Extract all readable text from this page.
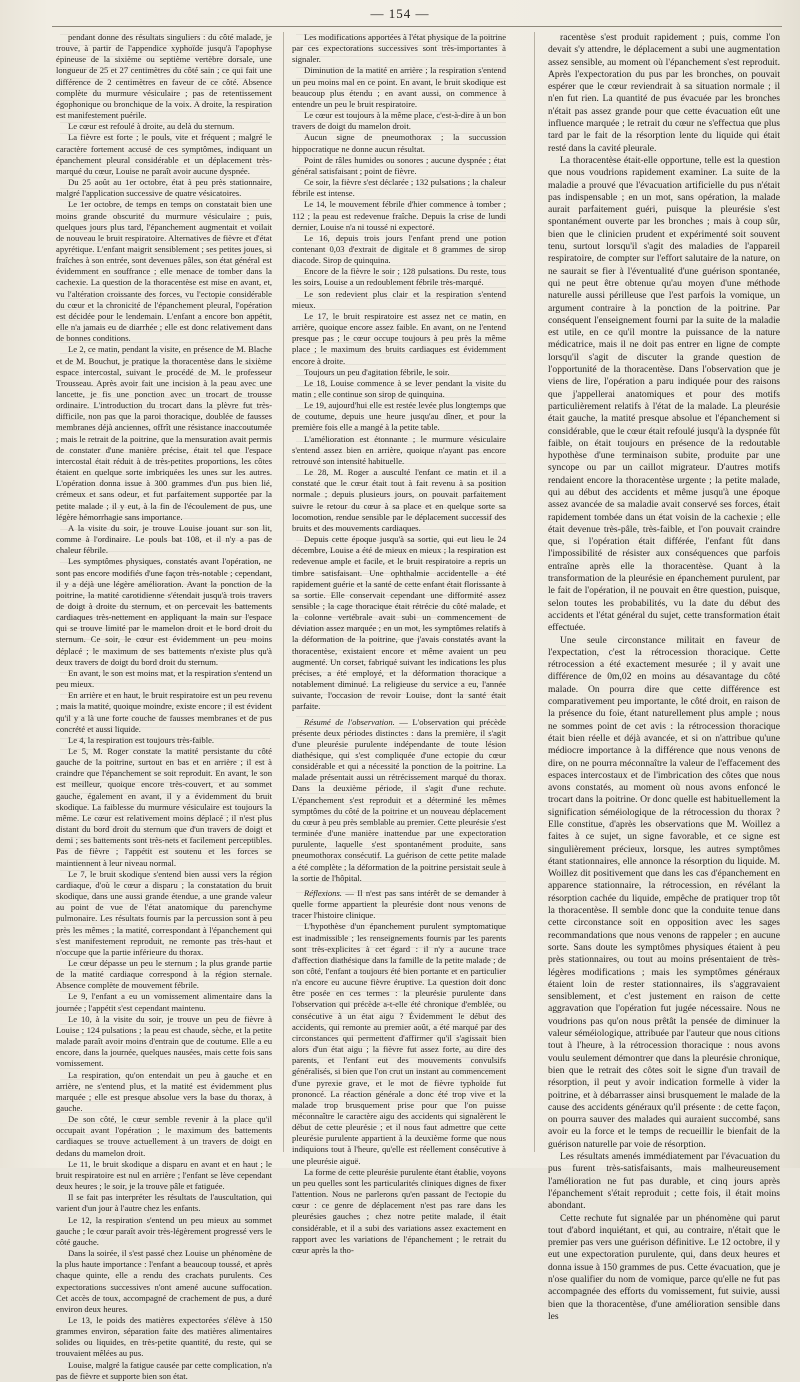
— 154 —

pendant donne des résultats singuliers : du côté malade, je trouve, à partir de l'appendice xyphoïde jusqu'à l'apophyse épineuse de la sixième ou septième vertèbre dorsale, une longueur de 25 et 27 centimètres du côté sain ; ce qui fait une différence de 2 centimètres en faveur de ce côté. Absence complète du murmure vésiculaire ; pas de retentissement égophonique ou bronchique de la voix. A droite, la respiration est manifestement puérile.

Le cœur est refoulé à droite, au delà du sternum.

La fièvre est forte ; le pouls, vite et fréquent ; malgré le caractère fortement accusé de ces symptômes, indiquant un épanchement pleural considérable et un déplacement très-marqué du cœur, Louise ne paraît avoir aucune dyspnée.

Du 25 août au 1er octobre, état à peu près stationnaire, malgré l'application successive de quatre vésicatoires.

Le 1er octobre, de temps en temps on constatait bien une moins grande obscurité du murmure vésiculaire ; puis, quelques jours plus tard, l'épanchement augmentait et voilait de nouveau le bruit respiratoire. Alternatives de fièvre et d'état apyrétique. L'enfant maigrit sensiblement ; ses petites joues, si fraîches à son entrée, sont devenues pâles, son état général est évidemment en souffrance ; elle menace de tomber dans la cachexie. La question de la thoracentèse est mise en avant, et, vu l'altération croissante des forces, vu l'ectopie considérable du cœur et la chronicité de l'épanchement pleural, l'opération est décidée pour le lendemain. L'enfant a encore bon appétit, elle n'a jamais eu de diarrhée ; elle est donc relativement dans de bonnes conditions.

Le 2, ce matin, pendant la visite, en présence de M. Blache et de M. Bouchut, je pratique la thoracentèse dans le sixième espace intercostal, suivant le procédé de M. le professeur Trousseau. Après avoir fait une incision à la peau avec une lancette, je fis une ponction avec un trocart de trousse ordinaire. L'introduction du trocart dans la plèvre fut très-difficile, non pas que la paroi thoracique, doublée de fausses membranes déjà anciennes, offrît une résistance inaccoutumée ; mais le retrait de la poitrine, que la mensuration avait permis de constater d'une manière précise, était tel que l'espace intercostal était réduit à de très-petites proportions, les côtes étaient en quelque sorte imbriquées les unes sur les autres. L'opération donna issue à 300 grammes d'un pus bien lié, crémeux et sans odeur, et fut parfaitement supportée par la petite malade ; il y eut, à la fin de l'écoulement de pus, une légère hémorrhagie sans importance.

A la visite du soir, je trouve Louise jouant sur son lit, comme à l'ordinaire. Le pouls bat 108, et il n'y a pas de chaleur fébrile.

Les symptômes physiques, constatés avant l'opération, ne sont pas encore modifiés d'une façon très-notable ; cependant, il y a déjà une légère amélioration. Avant la ponction de la poitrine, la matité carotidienne s'étendait jusqu'à trois travers de doigt à droite du sternum, et on percevait les battements cardiaques très-nettement en appliquant la main sur l'espace qui se trouve limité par le mamelon droit et le bord droit du sternum. Ce soir, le cœur est évidemment un peu moins déplacé ; le maximum de ses battements n'existe plus qu'à deux travers de doigt du bord droit du sternum.

En avant, le son est moins mat, et la respiration s'entend un peu mieux.

En arrière et en haut, le bruit respiratoire est un peu revenu ; mais la matité, quoique moindre, existe encore ; il est évident qu'il y a là une forte couche de fausses membranes et de pus concrété et aussi liquide.

Le 4, la respiration est toujours très-faible.

Le 5, M. Roger constate la matité persistante du côté gauche de la poitrine, surtout en bas et en arrière ; il est à craindre que l'épanchement se soit reproduit. En avant, le son est meilleur, quoique encore très-couvert, et au sommet gauche, également en avant, il y a évidemment du bruit skodique. La faiblesse du murmure vésiculaire est toujours la même. Le cœur est relativement moins déplacé ; il n'est plus distant du bord droit du sternum que d'un travers de doigt et demi ; ses battements sont très-nets et facilement perceptibles. Pas de fièvre ; l'appétit est soutenu et les forces se maintiennent à leur niveau normal.

Le 7, le bruit skodique s'entend bien aussi vers la région cardiaque, d'où le cœur a disparu ; la constatation du bruit skodique, dans une aussi grande étendue, a une grande valeur au point de vue de l'état anatomique du parenchyme pulmonaire. Les résultats fournis par la percussion sont à peu près les mêmes ; la matité, correspondant à l'épanchement qui s'est manifestement reproduit, ne remonte pas très-haut et n'occupe que la partie inférieure du thorax.

Le cœur dépasse un peu le sternum ; la plus grande partie de la matité cardiaque correspond à la région sternale. Absence complète de mouvement fébrile.

Le 9, l'enfant a eu un vomissement alimentaire dans la journée ; l'appétit s'est cependant maintenu.

Le 10, à la visite du soir, je trouve un peu de fièvre à Louise ; 124 pulsations ; la peau est chaude, sèche, et la petite malade paraît avoir moins d'entrain que de coutume. Elle a eu encore, dans la journée, quelques nausées, mais cette fois sans vomissement.

La respiration, qu'on entendait un peu à gauche et en arrière, ne s'entend plus, et la matité est évidemment plus marquée ; elle est presque absolue vers la base du thorax, à gauche.

De son côté, le cœur semble revenir à la place qu'il occupait avant l'opération ; le maximum des battements cardiaques se trouve actuellement à un travers de doigt en dedans du mamelon droit.

Le 11, le bruit skodique a disparu en avant et en haut ; le bruit respiratoire est nul en arrière ; l'enfant se lève cependant deux heures ; le soir, je la trouve pâle et fatiguée.

Il se fait pas interpréter les résultats de l'auscultation, qui varient d'un jour à l'autre chez les enfants.

Le 12, la respiration s'entend un peu mieux au sommet gauche ; le cœur paraît avoir très-légèrement progressé vers le côté gauche.

Dans la soirée, il s'est passé chez Louise un phénomène de la plus haute importance : l'enfant a beaucoup toussé, et après chaque quinte, elle a rendu des crachats purulents. Ces expectorations successives n'ont amené aucune suffocation. Cet accès de toux, accompagné de crachement de pus, a duré environ deux heures.

Le 13, le poids des matières expectorées s'élève à 150 grammes environ, séparation faite des matières alimentaires solides ou liquides, en très-petite quantité, du reste, qui se trouvaient mêlées au pus.

Louise, malgré la fatigue causée par cette complication, n'a pas de fièvre et supporte bien son état.

Les modifications apportées à l'état physique de la poitrine par ces expectorations successives sont très-importantes à signaler.

Diminution de la matité en arrière ; la respiration s'entend un peu moins mal en ce point. En avant, le bruit skodique est beaucoup plus étendu ; en avant aussi, on commence à entendre un peu le bruit respiratoire.

Le cœur est toujours à la même place, c'est-à-dire à un bon travers de doigt du mamelon droit.

Aucun signe de pneumothorax ; la succussion hippocratique ne donne aucun résultat.

Point de râles humides ou sonores ; aucune dyspnée ; état général satisfaisant ; point de fièvre.

Ce soir, la fièvre s'est déclarée ; 132 pulsations ; la chaleur fébrile est intense.

Le 14, le mouvement fébrile d'hier commence à tomber ; 112 ; la peau est redevenue fraîche. Depuis la crise de lundi dernier, Louise n'a ni toussé ni expectoré.

Le 16, depuis trois jours l'enfant prend une potion contenant 0,03 d'extrait de digitale et 8 grammes de sirop diacode. Sirop de quinquina.

Encore de la fièvre le soir ; 128 pulsations. Du reste, tous les soirs, Louise a un redoublement fébrile très-marqué.

Le son redevient plus clair et la respiration s'entend mieux.

Le 17, le bruit respiratoire est assez net ce matin, en arrière, quoique encore assez faible. En avant, on ne l'entend presque pas ; le cœur occupe toujours à peu près la même place ; le maximum des bruits cardiaques est évidemment encore à droite.

Toujours un peu d'agitation fébrile, le soir.

Le 18, Louise commence à se lever pendant la visite du matin ; elle continue son sirop de quinquina.

Le 19, aujourd'hui elle est restée levée plus longtemps que de coutume, depuis une heure jusqu'au dîner, et pour la première fois elle a mangé à la petite table.

L'amélioration est étonnante ; le murmure vésiculaire s'entend assez bien en arrière, quoique n'ayant pas encore retrouvé son intensité habituelle.

Le 28, M. Roger a ausculté l'enfant ce matin et il a constaté que le cœur était tout à fait revenu à sa position normale ; depuis plusieurs jours, on pouvait parfaitement suivre le retour du cœur à sa place et en quelque sorte sa locomotion, rendue sensible par le déplacement successif des bruits et des mouvements cardiaques.

Depuis cette époque jusqu'à sa sortie, qui eut lieu le 24 décembre, Louise a été de mieux en mieux ; la respiration est redevenue ample et facile, et le bruit respiratoire a repris un timbre satisfaisant. Une ophthalmie accidentelle a été rapidement guérie et la santé de cette enfant était florissante à sa sortie. Elle conservait cependant une difformité assez sensible ; la cage thoracique était rétrécie du côté malade, et la colonne vertébrale avait subi un commencement de déviation assez marquée ; en un mot, les symptômes relatifs à la déformation de la poitrine, que j'avais constatés avant la thoracentèse, existaient encore et même avaient un peu augmenté. Un corset, fabriqué suivant les indications les plus précises, a été employé, et la déformation thoracique a notablement diminué. La religieuse du service a eu, l'année suivante, l'occasion de revoir Louise, dont la santé était parfaite.

Résumé de l'observation. — L'observation qui précède présente deux périodes distinctes : dans la première, il s'agit d'une pleurésie purulente indépendante de toute lésion diathésique, qui s'est compliquée d'une ectopie du cœur considérable et qui a nécessité la ponction de la poitrine. La malade présentait aussi un rétrécissement marqué du thorax. Dans la deuxième période, il s'agit d'une rechute. L'épanchement s'est reproduit et a déterminé les mêmes symptômes du côté de la poitrine et un nouveau déplacement du cœur à peu près semblable au premier. Cette pleurésie s'est terminée d'une manière inattendue par une expectoration purulente, laquelle s'est spontanément produite, sans pneumothorax consécutif. La guérison de cette petite malade a été complète ; la déformation de la poitrine persistait seule à la sortie de l'hôpital.

Réflexions. — Il n'est pas sans intérêt de se demander à quelle forme appartient la pleurésie dont nous venons de tracer l'histoire clinique.

L'hypothèse d'un épanchement purulent symptomatique est inadmissible ; les renseignements fournis par les parents sont très-explicites à cet égard : il n'y a aucune trace d'affection diathésique dans la famille de la petite malade ; de son côté, l'enfant a toujours été bien portante et en particulier n'a encore eu aucune fièvre éruptive. La question doit donc être posée en ces termes : la pleurésie purulente dans l'observation qui précède a-t-elle été chronique d'emblée, ou consécutive à un état aigu ? Évidemment le début des accidents, qui remonte au premier août, a été marqué par des circonstances qui permettent d'affirmer qu'il s'agissait bien alors d'un état aigu ; la fièvre fut assez forte, au dire des parents, et l'enfant eut des mouvements convulsifs généralisés, si bien que l'on crut un instant au commencement d'une pyrexie grave, et le mot de fièvre typhoïde fut prononcé. La réaction générale a donc été trop vive et la malade trop brusquement prise pour que l'on puisse méconnaître le caractère aigu des accidents qui signalèrent le début de cette pleurésie ; et il nous faut admettre que cette pleurésie purulente appartient à la deuxième forme que nous indiquions tout à l'heure, qu'elle est réellement consécutive à une pleurésie aiguë.

La forme de cette pleurésie purulente étant établie, voyons un peu quelles sont les particularités cliniques dignes de fixer l'attention. Nous ne parlerons qu'en passant de l'ectopie du cœur : ce genre de déplacement n'est pas rare dans les pleurésies gauches ; chez notre petite malade, il était considérable, et il a subi des variations assez exactement en rapport avec les variations de l'épanchement ; le retrait du cœur après la tho-

racentèse s'est produit rapidement ; puis, comme l'on devait s'y attendre, le déplacement a subi une augmentation assez sensible, au moment où l'épanchement s'est reproduit. Après l'expectoration du pus par les bronches, on pouvait espérer que le cœur reviendrait à sa situation normale ; il n'en fut rien. La quantité de pus évacuée par les bronches n'était pas assez grande pour que cette évacuation eût une influence marquée ; le retrait du cœur ne s'effectua que plus tard par le fait de la résorption lente du liquide qui était resté dans la cavité pleurale.

La thoracentèse était-elle opportune, telle est la question que nous voudrions rapidement examiner. La suite de la maladie a prouvé que l'évacuation artificielle du pus n'était pas indispensable ; en un mot, sans opération, la malade aurait parfaitement guéri, puisque la pleurésie s'est spontanément ouverte par les bronches ; mais à coup sûr, bien que le clinicien prudent et expérimenté soit souvent tenu, surtout lorsqu'il s'agit des maladies de l'appareil respiratoire, de compter sur l'effort salutaire de la nature, on ne saurait se fier à l'éventualité d'une guérison spontanée, qui ne peut être obtenue qu'au moyen d'une méthode naturelle aussi périlleuse que l'est parfois la vomique, un argument contraire à la ponction de la poitrine. Par conséquent l'enseignement fourni par la suite de la maladie est utile, en ce qu'il montre la puissance de la nature médicatrice, mais il ne doit pas entrer en ligne de compte lorsqu'il s'agit de discuter la grande question de l'opportunité de la thoracentèse. Dans l'observation que je viens de lire, l'opération a paru indiquée pour des raisons que j'appellerai anatomiques et pour des motifs particulièrement relatifs à l'état de la malade. La pleurésie était gauche, la matité presque absolue et l'épanchement si considérable, que le cœur était refoulé jusqu'à la dyspnée fût faible, on était toujours en présence de la redoutable hypothèse d'une terminaison subite, produite par une syncope ou par un caillot migrateur. D'autres motifs rendaient encore la thoracentèse urgente ; la petite malade, qui au début des accidents et même jusqu'à une époque assez avancée de sa maladie avait conservé ses forces, était rapidement tombée dans un état voisin de la cachexie ; elle était devenue très-pâle, très-faible, et l'on pouvait craindre que, si l'opération était différée, l'enfant fût dans l'impossibilité de résister aux conséquences que parfois entraîne après elle la thoracentèse. Quant à la transformation de la pleurésie en épanchement purulent, par le fait de l'opération, il ne pouvait en être question, puisque, selon toutes les probabilités, vu la date du début des accidents et l'état général du sujet, cette transformation était effectuée.

Une seule circonstance militait en faveur de l'expectation, c'est la rétrocession thoracique. Cette rétrocession a été exactement mesurée ; il y avait une différence de 0m,02 en moins au désavantage du côté malade. On pourra dire que cette différence est comparativement peu importante, le côté droit, en raison de la présence du foie, étant naturellement plus ample ; nous ne sommes point de cet avis : la rétrocession thoracique était bien réelle et déjà avancée, et si on n'attribue qu'une médiocre importance à la différence que nous venons de dire, on ne pourra méconnaître la valeur de l'effacement des espaces intercostaux et de l'imbrication des côtes que nous avons constatés, au moment où nous avons enfoncé le trocart dans la poitrine. Or donc quelle est habituellement la signification séméiologique de la rétrocession du thorax ? Elle constitue, d'après les observations que M. Woillez a faites à ce sujet, un signe favorable, et ce signe est singulièrement précieux, lorsque, les autres symptômes étant stationnaires, elle annonce la résorption du liquide. M. Woillez dit positivement que dans les cas d'épanchement en apparence stationnaire, la rétrocession, en révélant la résorption cachée du liquide, empêche de pratiquer trop tôt la thoracentèse. Il semble donc que la conduite tenue dans cette circonstance soit en opposition avec les sages recommandations que nous venons de rappeler ; en aucune sorte. Sans doute les symptômes physiques étaient à peu près stationnaires, ou tout au moins présentaient de très-légères modifications ; mais les symptômes généraux étaient loin de rester stationnaires, ils s'aggravaient sensiblement, et c'est justement en raison de cette aggravation que l'opération fut jugée nécessaire. Nous ne voudrions pas qu'on nous prêtât la pensée de diminuer la valeur séméiologique, attribuée par l'auteur que nous citions tout à l'heure, à la rétrocession thoracique : nous avons voulu seulement démontrer que dans la pleurésie chronique, bien que le retrait des côtes soit le signe d'un travail de résorption, il peut y avoir indication formelle à vider la poitrine, et à débarrasser ainsi brusquement le malade de la cause des accidents généraux qu'il présente : de cette façon, on pourra sauver des malades qui auraient succombé, sans avoir eu la force et le temps de recueillir le bienfait de la guérison naturelle par voie de résorption.

Les résultats amenés immédiatement par l'évacuation du pus furent très-satisfaisants, mais malheureusement l'amélioration ne fut pas durable, et cinq jours après l'épanchement s'était reproduit ; cette fois, il était moins abondant.

Cette rechute fut signalée par un phénomène qui parut tout d'abord inquiétant, et qui, au contraire, n'était que le premier pas vers une guérison définitive. Le 12 octobre, il y eut une expectoration purulente, qui, dans deux heures et donna issue à 150 grammes de pus. Cette évacuation, que je n'ose qualifier du nom de vomique, parce qu'elle ne fut pas accompagnée des efforts du vomissement, fut suivie, aussi bien que la thoracentèse, d'une amélioration sensible dans les
